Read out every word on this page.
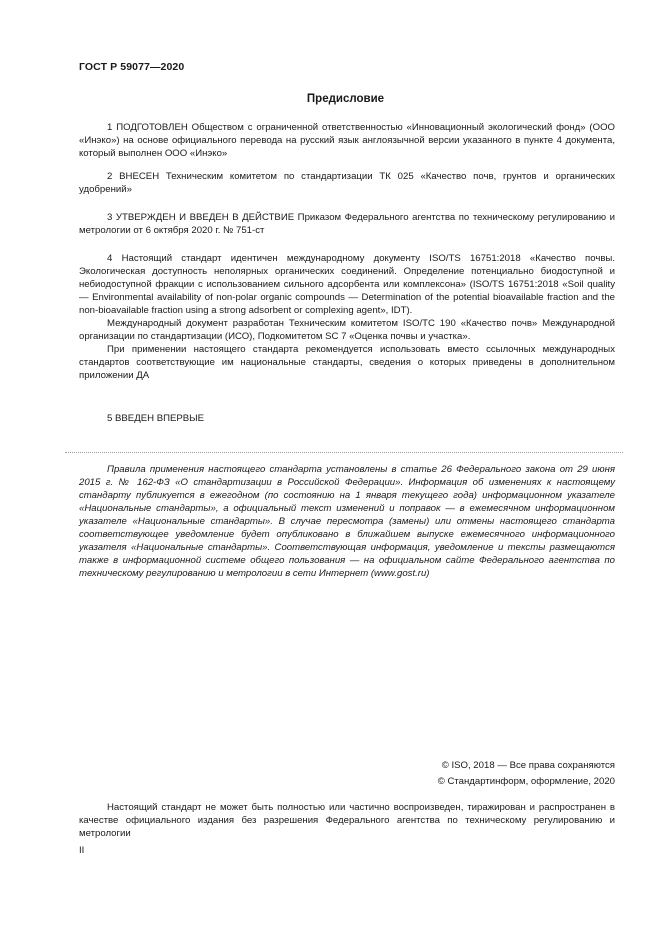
ГОСТ Р 59077—2020
Предисловие

1 ПОДГОТОВЛЕН Обществом с ограниченной ответственностью «Инновационный экологический фонд» (ООО «Инэко») на основе официального перевода на русский язык англоязычной версии указанного в пункте 4 документа, который выполнен ООО «Инэко»

2 ВНЕСЕН Техническим комитетом по стандартизации ТК 025 «Качество почв, грунтов и органических удобрений»

3 УТВЕРЖДЕН И ВВЕДЕН В ДЕЙСТВИЕ Приказом Федерального агентства по техническому регулированию и метрологии от 6 октября 2020 г. № 751-ст

4 Настоящий стандарт идентичен международному документу ISO/TS 16751:2018 «Качество почвы. Экологическая доступность неполярных органических соединений. Определение потенциально биодоступной и небиодоступной фракции с использованием сильного адсорбента или комплексона» (ISO/TS 16751:2018 «Soil quality — Environmental availability of non-polar organic compounds — Determination of the potential bioavailable fraction and the non-bioavailable fraction using a strong adsorbent or complexing agent», IDT).

Международный документ разработан Техническим комитетом ISO/TC 190 «Качество почв» Международной организации по стандартизации (ИСО), Подкомитетом SC 7 «Оценка почвы и участка».

При применении настоящего стандарта рекомендуется использовать вместо ссылочных международных стандартов соответствующие им национальные стандарты, сведения о которых приведены в дополнительном приложении ДА

5 ВВЕДЕН ВПЕРВЫЕ

Правила применения настоящего стандарта установлены в статье 26 Федерального закона от 29 июня 2015 г. № 162-ФЗ «О стандартизации в Российской Федерации». Информация об изменениях к настоящему стандарту публикуется в ежегодном (по состоянию на 1 января текущего года) информационном указателе «Национальные стандарты», а официальный текст изменений и поправок — в ежемесячном информационном указателе «Национальные стандарты». В случае пересмотра (замены) или отмены настоящего стандарта соответствующее уведомление будет опубликовано в ближайшем выпуске ежемесячного информационного указателя «Национальные стандарты». Соответствующая информация, уведомление и тексты размещаются также в информационной системе общего пользования — на официальном сайте Федерального агентства по техническому регулированию и метрологии в сети Интернет (www.gost.ru)

© ISO, 2018 — Все права сохраняются
© Стандартинформ, оформление, 2020

Настоящий стандарт не может быть полностью или частично воспроизведен, тиражирован и распространен в качестве официального издания без разрешения Федерального агентства по техническому регулированию и метрологии

II
